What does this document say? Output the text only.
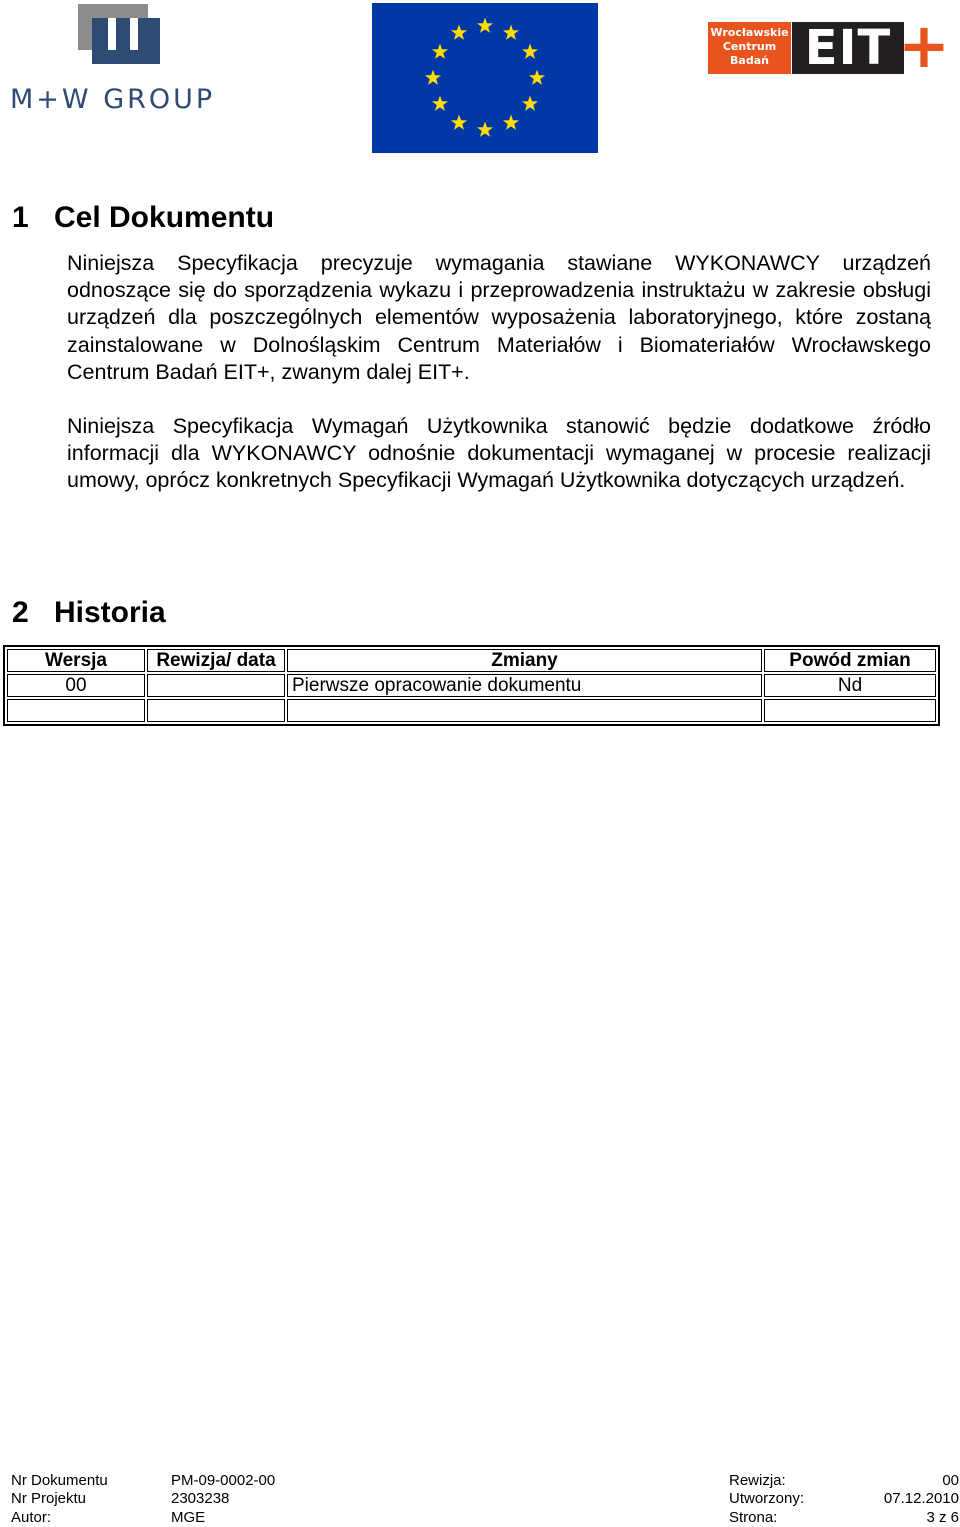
M+W GROUP
Wrocławskie
Centrum
Badań EIT +
1 Cel Dokumentu

Niniejsza Specyfikacja precyzuje wymagania stawiane WYKONAWCY urządzeń odnoszące się do sporządzenia wykazu i przeprowadzenia instruktażu w zakresie obsługi urządzeń dla poszczególnych elementów wyposażenia laboratoryjnego, które zostaną zainstalowane w Dolnośląskim Centrum Materiałów i Biomateriałów Wrocławskego Centrum Badań EIT+, zwanym dalej EIT+.

Niniejsza Specyfikacja Wymagań Użytkownika stanowić będzie dodatkowe źródło informacji dla WYKONAWCY odnośnie dokumentacji wymaganej w procesie realizacji umowy, oprócz konkretnych Specyfikacji Wymagań Użytkownika dotyczących urządzeń.

2 Historia
Wersja	Rewizja/ data	Zmiany	Powód zmian
00		Pierwsze opracowanie dokumentu	Nd

Nr Dokumentu	PM-09-0002-00	Rewizja:	00
Nr Projektu	2303238	Utworzony:	07.12.2010
Autor:	MGE	Strona:	3 z 6
